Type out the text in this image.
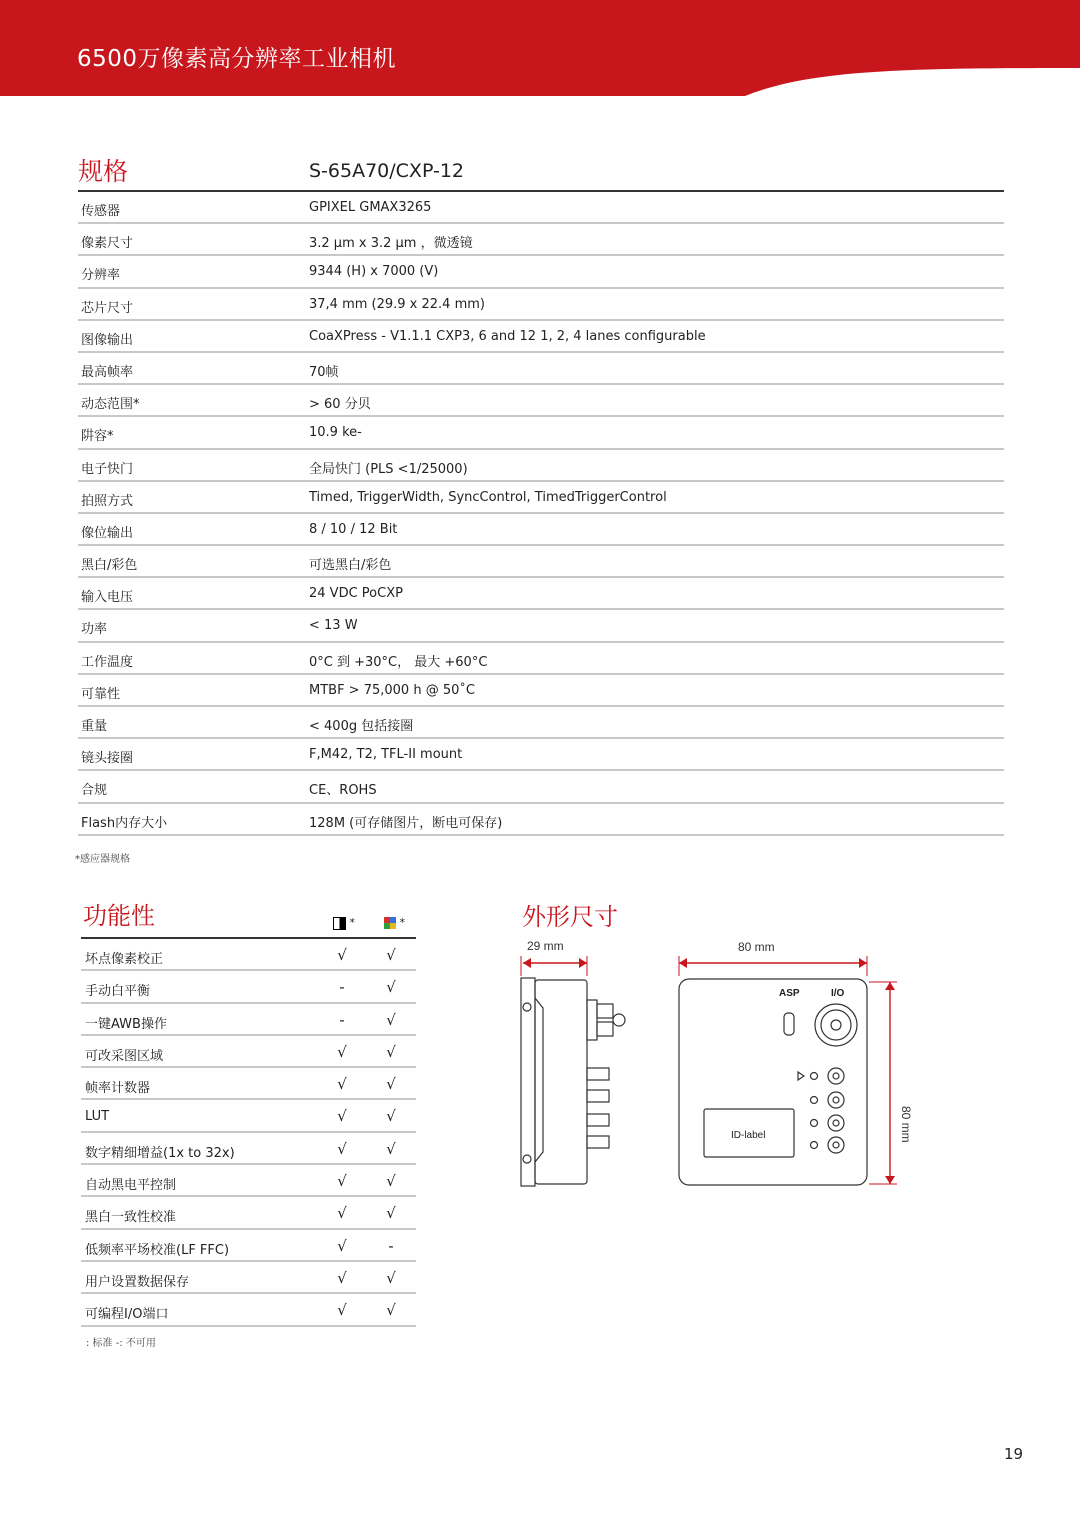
6500万像素高分辨率工业相机
规格	S-65A70/CXP-12
传感器	GPIXEL GMAX3265
像素尺寸	3.2 μm x 3.2 μm ，微透镜
分辨率	9344 (H) x 7000 (V)
芯片尺寸	37,4 mm (29.9 x 22.4 mm)
图像输出	CoaXPress - V1.1.1 CXP3, 6 and 12 1, 2, 4 lanes configurable
最高帧率	70帧
动态范围*	> 60 分贝
阱容*	10.9 ke-
电子快门	全局快门 (PLS <1/25000)
拍照方式	Timed, TriggerWidth, SyncControl, TimedTriggerControl
像位输出	8 / 10 / 12 Bit
黑白/彩色	可选黑白/彩色
输入电压	24 VDC PoCXP
功率	< 13 W
工作温度	0°C 到 +30°C， 最大 +60°C
可靠性	MTBF > 75,000 h @ 50˚C
重量	< 400g 包括接圈
镜头接圈	F,M42, T2, TFL-II mount
合规	CE、ROHS
Flash内存大小	128M (可存储图片，断电可保存)
*感应器规格
功能性	*	*
坏点像素校正	√	√
手动白平衡	-	√
一键AWB操作	-	√
可改采图区域	√	√
帧率计数器	√	√
LUT	√	√
数字精细增益(1x to 32x)	√	√
自动黑电平控制	√	√
黑白一致性校准	√	√
低频率平场校准(LF FFC)	√	-
用户设置数据保存	√	√
可编程I/O端口	√	√
: 标准 -: 不可用
外形尺寸
29 mm
ASP	I/O
ID-label
80 mm
80 mm
19
